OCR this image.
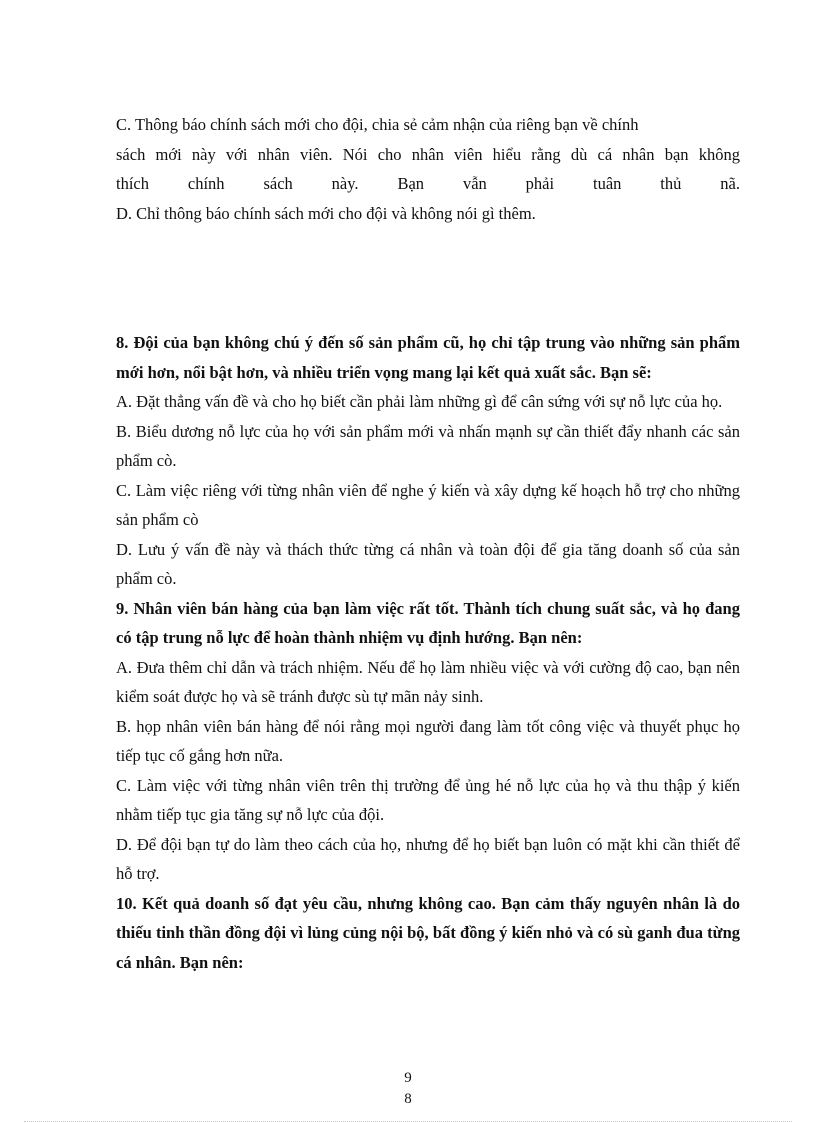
C. Thông báo chính sách mới cho đội, chia sẻ cảm nhận của riêng bạn về chính

sách mới này với nhân viên. Nói cho nhân viên hiểu rằng dù cá nhân bạn không

thích chính sách này. Bạn vẫn phải tuân thủ nã.

D. Chỉ thông báo chính sách mới cho đội và không nói gì thêm.

8. Đội của bạn không chú ý đến số sản phẩm cũ, họ chỉ tập trung vào những sản phẩm mới hơn, nổi bật hơn, và nhiều triển vọng mang lại kết quả xuất sắc. Bạn sẽ:

A. Đặt thẳng vấn đề và cho họ biết cần phải làm những gì để cân sứng với sự nỗ lực của họ.

B. Biểu dương nỗ lực của họ với sản phẩm mới và nhấn mạnh sự cần thiết đẩy nhanh các sản phẩm cò.

C. Làm việc riêng với từng nhân viên để nghe ý kiến và xây dựng kế hoạch hỗ trợ cho những sản phẩm cò

D. Lưu ý vấn đề này và thách thức từng cá nhân và toàn đội để gia tăng doanh số của sản phẩm cò.

9. Nhân viên bán hàng của bạn làm việc rất tốt. Thành tích chung suất sắc, và họ đang có tập trung nỗ lực để hoàn thành nhiệm vụ định hướng. Bạn nên:

A. Đưa thêm chỉ dẫn và trách nhiệm. Nếu để họ làm nhiều việc và với cường độ cao, bạn nên kiểm soát được họ và sẽ tránh được sù tự mãn nảy sinh.

B. họp nhân viên bán hàng để nói rằng mọi người đang làm tốt công việc và thuyết phục họ tiếp tục cố gắng hơn nữa.

C. Làm việc với từng nhân viên trên thị trường để ủng hé nỗ lực của họ và thu thập ý kiến nhằm tiếp tục gia tăng sự nỗ lực của đội.

D. Để đội bạn tự do làm theo cách của họ, nhưng để họ biết bạn luôn có mặt khi cần thiết để hỗ trợ.

10. Kết quả doanh số đạt yêu cầu, nhưng không cao. Bạn cảm thấy nguyên nhân là do thiếu tinh thần đồng đội vì lủng củng nội bộ, bất đồng ý kiến nhỏ và có sù ganh đua từng cá nhân. Bạn nên:

9
8
